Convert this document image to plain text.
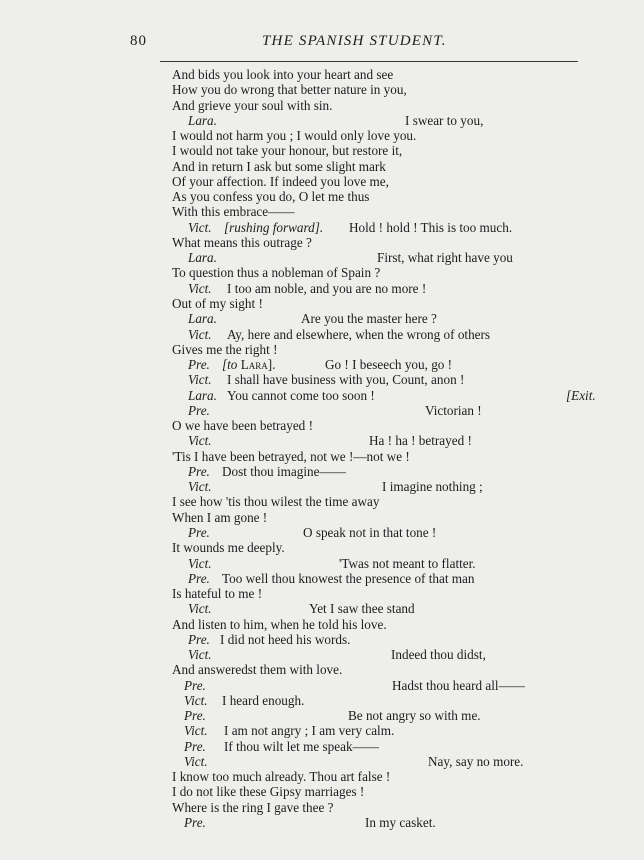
80	THE SPANISH STUDENT.
And bids you look into your heart and see
How you do wrong that better nature in you,
And grieve your soul with sin.
Lara.	I swear to you,
I would not harm you ; I would only love you.
I would not take your honour, but restore it,
And in return I ask but some slight mark
Of your affection. If indeed you love me,
As you confess you do, O let me thus
With this embrace——
Vict. [rushing forward]. Hold ! hold ! This is too much.
What means this outrage ?
Lara.	First, what right have you
To question thus a nobleman of Spain ?
Vict. I too am noble, and you are no more !
Out of my sight !
Lara.	Are you the master here ?
Vict. Ay, here and elsewhere, when the wrong of others
Gives me the right !
Pre. [to Lara].	Go ! I beseech you, go !
Vict. I shall have business with you, Count, anon !
Lara. You cannot come too soon !	[Exit.
Pre.	Victorian !
O we have been betrayed !
Vict.	Ha ! ha ! betrayed !
'Tis I have been betrayed, not we !—not we !
Pre. Dost thou imagine——
Vict.	I imagine nothing ;
I see how 'tis thou wilest the time away
When I am gone !
Pre.	O speak not in that tone !
It wounds me deeply.
Vict.	'Twas not meant to flatter.
Pre. Too well thou knowest the presence of that man
Is hateful to me !
Vict.	Yet I saw thee stand
And listen to him, when he told his love.
Pre. I did not heed his words.
Vict.	Indeed thou didst,
And answeredst them with love.
Pre.	Hadst thou heard all——
Vict. I heard enough.
Pre.	Be not angry so with me.
Vict. I am not angry ; I am very calm.
Pre. If thou wilt let me speak——
Vict.	Nay, say no more.
I know too much already. Thou art false !
I do not like these Gipsy marriages !
Where is the ring I gave thee ?
Pre.	In my casket.
